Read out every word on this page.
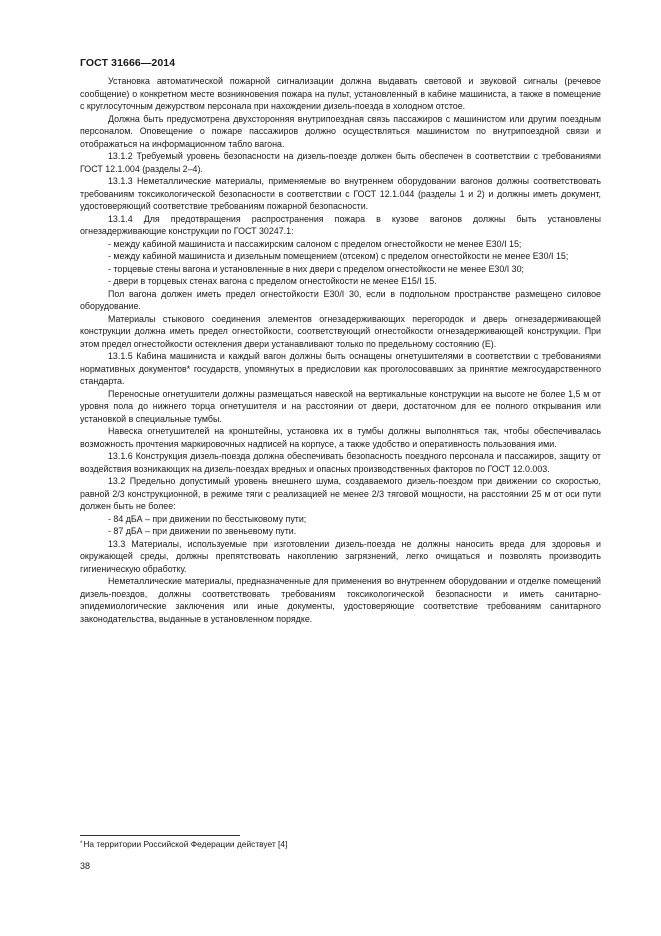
ГОСТ 31666—2014

Установка автоматической пожарной сигнализации должна выдавать световой и звуковой сигналы (речевое сообщение) о конкретном месте возникновения пожара на пульт, установленный в кабине машиниста, а также в помещение с круглосуточным дежурством персонала при нахождении дизель-поезда в холодном отстое.

Должна быть предусмотрена двухсторонняя внутрипоездная связь пассажиров с машинистом или другим поездным персоналом. Оповещение о пожаре пассажиров должно осуществляться машинистом по внутрипоездной связи и отображаться на информационном табло вагона.

13.1.2 Требуемый уровень безопасности на дизель-поезде должен быть обеспечен в соответствии с требованиями ГОСТ 12.1.004 (разделы 2–4).

13.1.3 Неметаллические материалы, применяемые во внутреннем оборудовании вагонов должны соответствовать требованиям токсикологической безопасности в соответствии с ГОСТ 12.1.044 (разделы 1 и 2) и должны иметь документ, удостоверяющий соответствие требованиям пожарной безопасности.

13.1.4 Для предотвращения распространения пожара в кузове вагонов должны быть установлены огнезадерживающие конструкции по ГОСТ 30247.1:

- между кабиной машиниста и пассажирским салоном с пределом огнестойкости не менее Е30/I 15;

- между кабиной машиниста и дизельным помещением (отсеком) с пределом огнестойкости не менее Е30/I 15;

- торцевые стены вагона и установленные в них двери с пределом огнестойкости не менее Е30/I 30;

- двери в торцевых стенах вагона с пределом огнестойкости не менее Е15/I 15.

Пол вагона должен иметь предел огнестойкости Е30/I 30, если в подпольном пространстве размещено силовое оборудование.

Материалы стыкового соединения элементов огнезадерживающих перегородок и дверь огнезадерживающей конструкции должна иметь предел огнестойкости, соответствующий огнестойкости огнезадерживающей конструкции. При этом предел огнестойкости остекления двери устанавливают только по предельному состоянию (Е).

13.1.5 Кабина машиниста и каждый вагон должны быть оснащены огнетушителями в соответствии с требованиями нормативных документов* государств, упомянутых в предисловии как проголосовавших за принятие межгосударственного стандарта.

Переносные огнетушители должны размещаться навеской на вертикальные конструкции на высоте не более 1,5 м от уровня пола до нижнего торца огнетушителя и на расстоянии от двери, достаточном для ее полного открывания или установкой в специальные тумбы.

Навеска огнетушителей на кронштейны, установка их в тумбы должны выполняться так, чтобы обеспечивалась возможность прочтения маркировочных надписей на корпусе, а также удобство и оперативность пользования ими.

13.1.6 Конструкция дизель-поезда должна обеспечивать безопасность поездного персонала и пассажиров, защиту от воздействия возникающих на дизель-поездах вредных и опасных производственных факторов по ГОСТ 12.0.003.

13.2 Предельно допустимый уровень внешнего шума, создаваемого дизель-поездом при движении со скоростью, равной 2/3 конструкционной, в режиме тяги с реализацией не менее 2/3 тяговой мощности, на расстоянии 25 м от оси пути должен быть не более:

- 84 дБА – при движении по бесстыковому пути;

- 87 дБА – при движении по звеньевому пути.

13.3 Материалы, используемые при изготовлении дизель-поезда не должны наносить вреда для здоровья и окружающей среды, должны препятствовать накоплению загрязнений, легко очищаться и позволять производить гигиеническую обработку.

Неметаллические материалы, предназначенные для применения во внутреннем оборудовании и отделке помещений дизель-поездов, должны соответствовать требованиям токсикологической безопасности и иметь санитарно-эпидемиологические заключения или иные документы, удостоверяющие соответствие требованиям санитарного законодательства, выданные в установленном порядке.

*На территории Российской Федерации действует [4]
38
